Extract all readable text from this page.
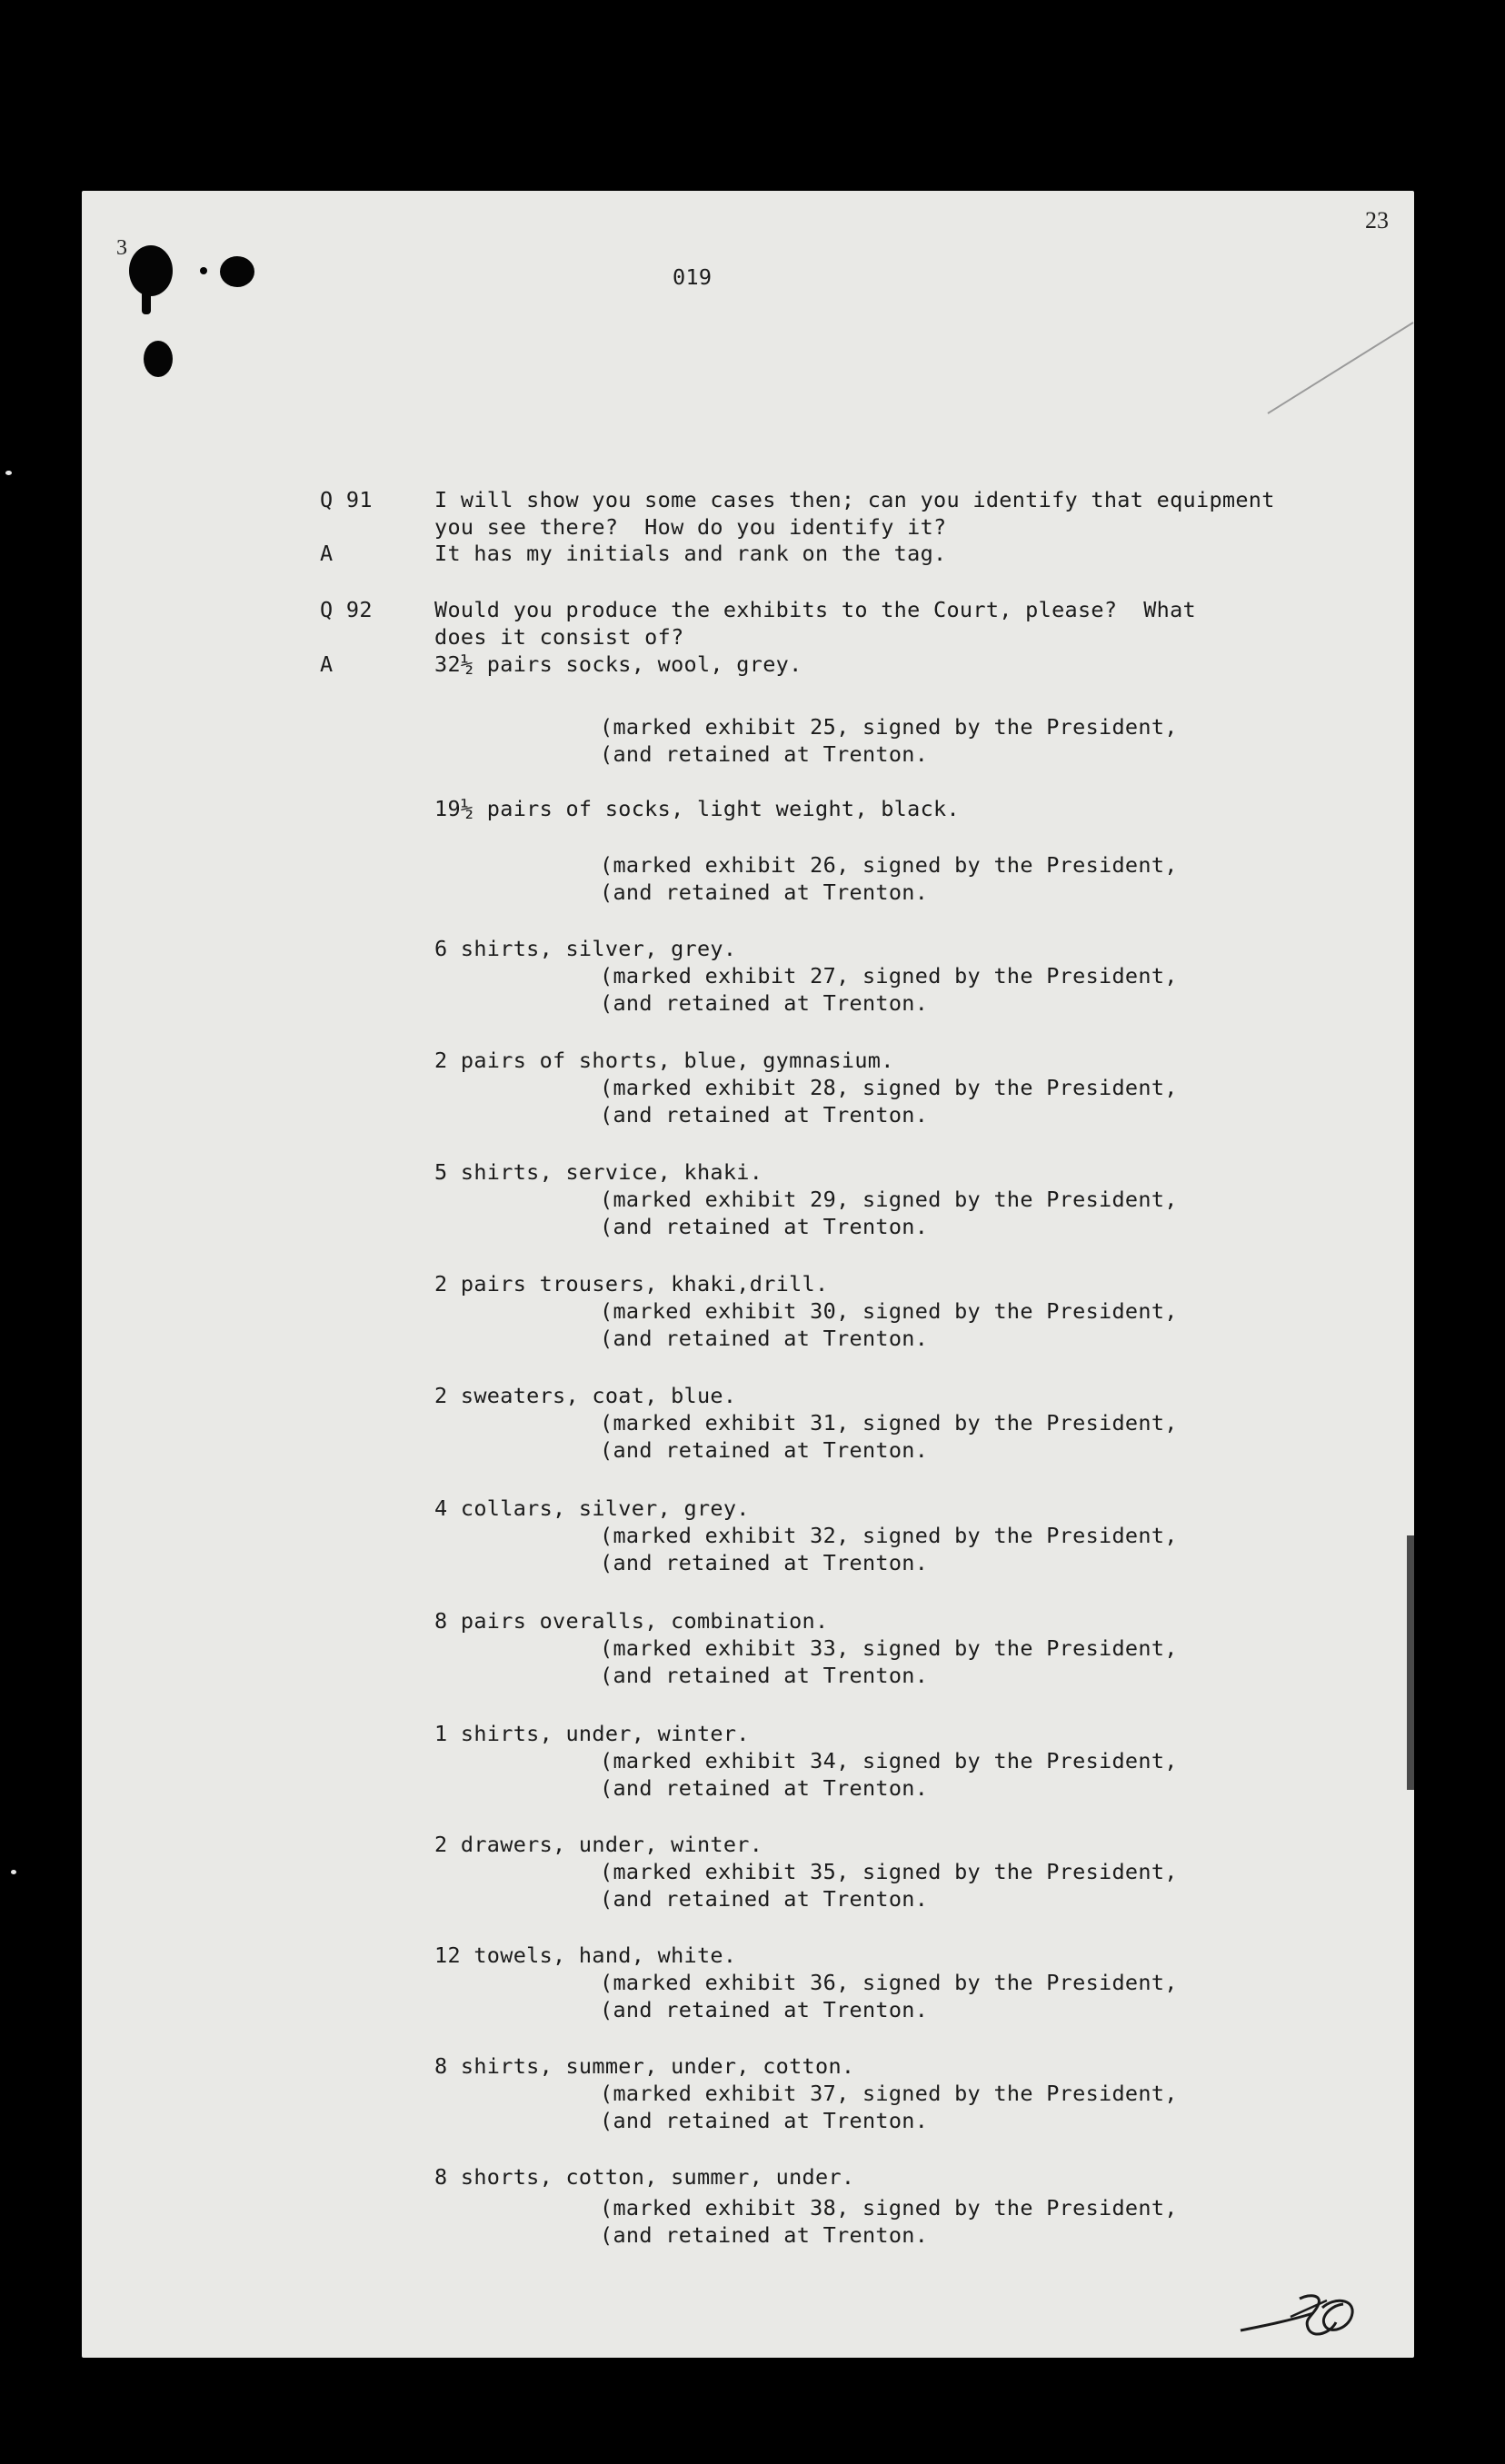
23
3
019
Q 91	I will show you some cases then; can you identify that equipment
you see there?  How do you identify it?
A	It has my initials and rank on the tag.
Q 92	Would you produce the exhibits to the Court, please?  What
does it consist of?
A	32½ pairs socks, wool, grey.
(marked exhibit 25, signed by the President,
(and retained at Trenton.
19½ pairs of socks, light weight, black.
(marked exhibit 26, signed by the President,
(and retained at Trenton.
6 shirts, silver, grey.
(marked exhibit 27, signed by the President,
(and retained at Trenton.
2 pairs of shorts, blue, gymnasium.
(marked exhibit 28, signed by the President,
(and retained at Trenton.
5 shirts, service, khaki.
(marked exhibit 29, signed by the President,
(and retained at Trenton.
2 pairs trousers, khaki,drill.
(marked exhibit 30, signed by the President,
(and retained at Trenton.
2 sweaters, coat, blue.
(marked exhibit 31, signed by the President,
(and retained at Trenton.
4 collars, silver, grey.
(marked exhibit 32, signed by the President,
(and retained at Trenton.
8 pairs overalls, combination.
(marked exhibit 33, signed by the President,
(and retained at Trenton.
1 shirts, under, winter.
(marked exhibit 34, signed by the President,
(and retained at Trenton.
2 drawers, under, winter.
(marked exhibit 35, signed by the President,
(and retained at Trenton.
12 towels, hand, white.
(marked exhibit 36, signed by the President,
(and retained at Trenton.
8 shirts, summer, under, cotton.
(marked exhibit 37, signed by the President,
(and retained at Trenton.
8 shorts, cotton, summer, under.
(marked exhibit 38, signed by the President,
(and retained at Trenton.
